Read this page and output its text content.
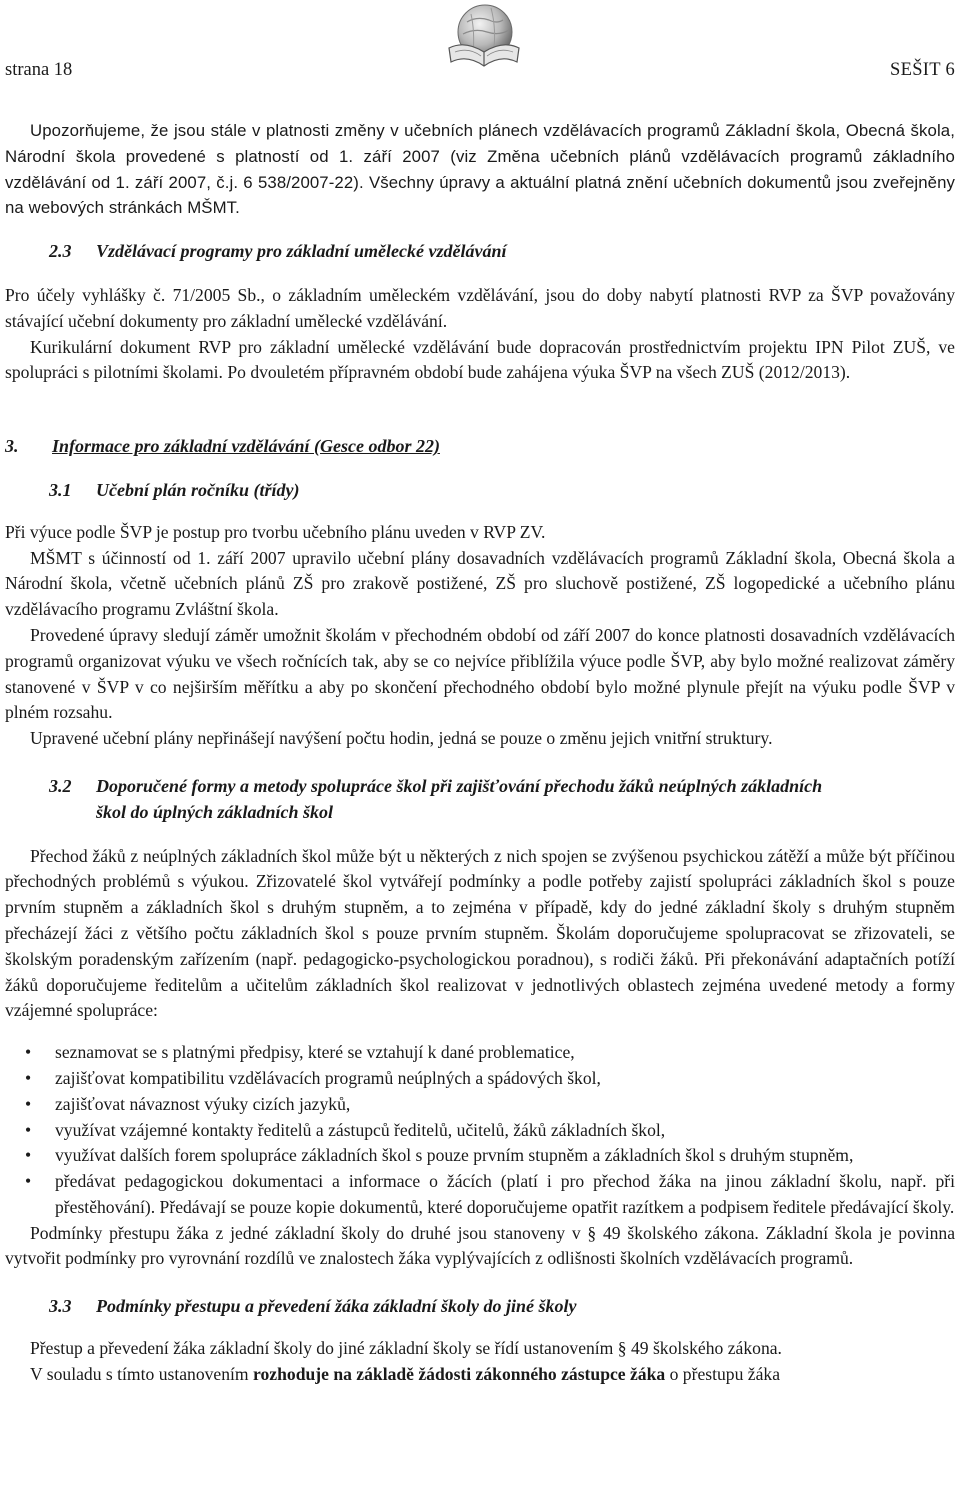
strana 18	SEŠIT 6

Upozorňujeme, že jsou stále v platnosti změny v učebních plánech vzdělávacích programů Základní škola, Obecná škola, Národní škola provedené s platností od 1. září 2007 (viz Změna učebních plánů vzdělávacích programů základního vzdělávání od 1. září 2007, č.j. 6 538/2007-22). Všechny úpravy a aktuální platná znění učebních dokumentů jsou zveřejněny na webových stránkách MŠMT.

2.3 Vzdělávací programy pro základní umělecké vzdělávání

Pro účely vyhlášky č. 71/2005 Sb., o základním uměleckém vzdělávání, jsou do doby nabytí platnosti RVP za ŠVP považovány stávající učební dokumenty pro základní umělecké vzdělávání.

Kurikulární dokument RVP pro základní umělecké vzdělávání bude dopracován prostřednictvím projektu IPN Pilot ZUŠ, ve spolupráci s pilotními školami. Po dvouletém přípravném období bude zahájena výuka ŠVP na všech ZUŠ (2012/2013).

3. Informace pro základní vzdělávání (Gesce odbor 22)
3.1 Učební plán ročníku (třídy)

Při výuce podle ŠVP je postup pro tvorbu učebního plánu uveden v RVP ZV.

MŠMT s účinností od 1. září 2007 upravilo učební plány dosavadních vzdělávacích programů Základní škola, Obecná škola a Národní škola, včetně učebních plánů ZŠ pro zrakově postižené, ZŠ pro sluchově postižené, ZŠ logopedické a učebního plánu vzdělávacího programu Zvláštní škola.

Provedené úpravy sledují záměr umožnit školám v přechodném období od září 2007 do konce platnosti dosavadních vzdělávacích programů organizovat výuku ve všech ročnících tak, aby se co nejvíce přiblížila výuce podle ŠVP, aby bylo možné realizovat záměry stanovené v ŠVP v co nejširším měřítku a aby po skončení přechodného období bylo možné plynule přejít na výuku podle ŠVP v plném rozsahu.

Upravené učební plány nepřinášejí navýšení počtu hodin, jedná se pouze o změnu jejich vnitřní struktury.

3.2 Doporučené formy a metody spolupráce škol při zajišťování přechodu žáků neúplných základních
škol do úplných základních škol

Přechod žáků z neúplných základních škol může být u některých z nich spojen se zvýšenou psychickou zátěží a může být příčinou přechodných problémů s výukou. Zřizovatelé škol vytvářejí podmínky a podle potřeby zajistí spolupráci základních škol s pouze prvním stupněm a základních škol s druhým stupněm, a to zejména v případě, kdy do jedné základní školy s druhým stupněm přecházejí žáci z většího počtu základních škol s pouze prvním stupněm. Školám doporučujeme spolupracovat se zřizovateli, se školským poradenským zařízením (např. pedagogicko-psychologickou poradnou), s rodiči žáků. Při překonávání adaptačních potíží žáků doporučujeme ředitelům a učitelům základních škol realizovat v jednotlivých oblastech zejména uvedené metody a formy vzájemné spolupráce:

• seznamovat se s platnými předpisy, které se vztahují k dané problematice,
• zajišťovat kompatibilitu vzdělávacích programů neúplných a spádových škol,
• zajišťovat návaznost výuky cizích jazyků,
• využívat vzájemné kontakty ředitelů a zástupců ředitelů, učitelů, žáků základních škol,
• využívat dalších forem spolupráce základních škol s pouze prvním stupněm a základních škol s druhým stupněm,
• předávat pedagogickou dokumentaci a informace o žácích (platí i pro přechod žáka na jinou základní školu, např. při přestěhování). Předávají se pouze kopie dokumentů, které doporučujeme opatřit razítkem a podpisem ředitele předávající školy.

Podmínky přestupu žáka z jedné základní školy do druhé jsou stanoveny v § 49 školského zákona. Základní škola je povinna vytvořit podmínky pro vyrovnání rozdílů ve znalostech žáka vyplývajících z odlišnosti školních vzdělávacích programů.

3.3 Podmínky přestupu a převedení žáka základní školy do jiné školy

Přestup a převedení žáka základní školy do jiné základní školy se řídí ustanovením § 49 školského zákona.

V souladu s tímto ustanovením rozhoduje na základě žádosti zákonného zástupce žáka o přestupu žáka
